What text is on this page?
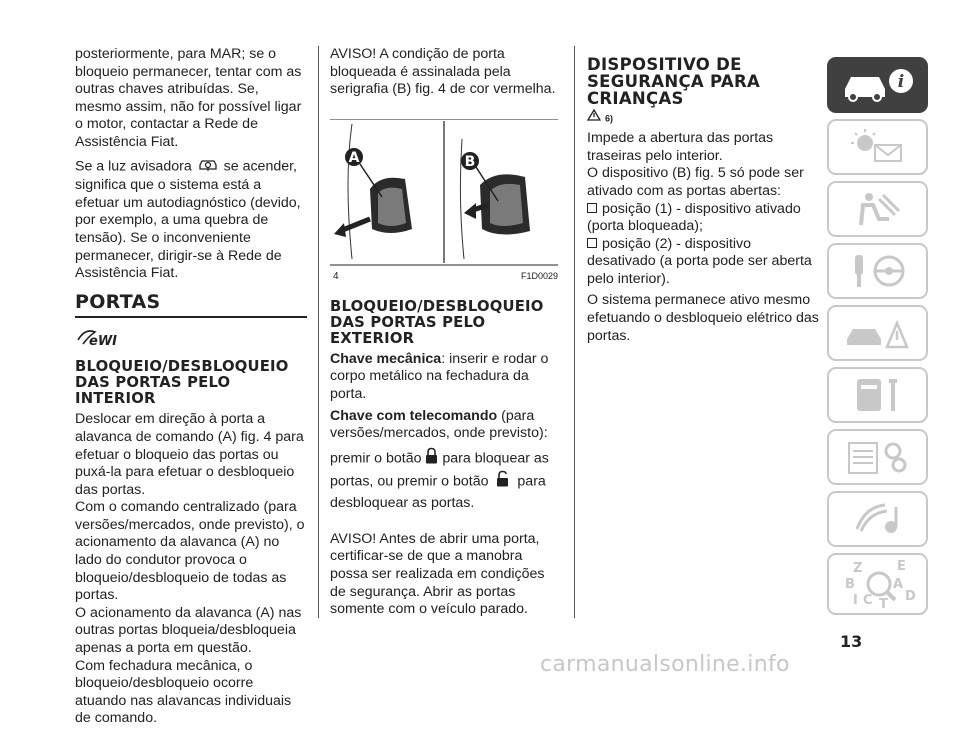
posteriormente, para MAR; se o bloqueio permanecer, tentar com as outras chaves atribuídas. Se, mesmo assim, não for possível ligar o motor, contactar a Rede de Assistência Fiat.

Se a luz avisadora se acender, significa que o sistema está a efetuar um autodiagnóstico (devido, por exemplo, a uma quebra de tensão). Se o inconveniente permanecer, dirigir-se à Rede de Assistência Fiat.

PORTAS
eWI
BLOQUEIO/DESBLOQUEIO DAS PORTAS PELO INTERIOR

Deslocar em direção à porta a alavanca de comando (A) fig. 4 para efetuar o bloqueio das portas ou puxá-la para efetuar o desbloqueio das portas.

Com o comando centralizado (para versões/mercados, onde previsto), o acionamento da alavanca (A) no lado do condutor provoca o bloqueio/desbloqueio de todas as portas.

O acionamento da alavanca (A) nas outras portas bloqueia/desbloqueia apenas a porta em questão.

Com fechadura mecânica, o bloqueio/desbloqueio ocorre atuando nas alavancas individuais de comando.

AVISO! A condição de porta bloqueada é assinalada pela serigrafia (B) fig. 4 de cor vermelha.

A	B
4	F1D0029
BLOQUEIO/DESBLOQUEIO DAS PORTAS PELO EXTERIOR

Chave mecânica: inserir e rodar o corpo metálico na fechadura da porta.

Chave com telecomando (para versões/mercados, onde previsto):

premir o botão para bloquear as portas, ou premir o botão para desbloquear as portas.

AVISO! Antes de abrir uma porta, certificar-se de que a manobra possa ser realizada em condições de segurança. Abrir as portas somente com o veículo parado.

DISPOSITIVO DE SEGURANÇA PARA CRIANÇAS
6)

Impede a abertura das portas traseiras pelo interior.

O dispositivo (B) fig. 5 só pode ser ativado com as portas abertas:

posição (1) - dispositivo ativado (porta bloqueada);

posição (2) - dispositivo desativado (a porta pode ser aberta pelo interior).

O sistema permanece ativo mesmo efetuando o desbloqueio elétrico das portas.

i
Z	E
B	A
I C T
D
13
carmanualsonline.info
